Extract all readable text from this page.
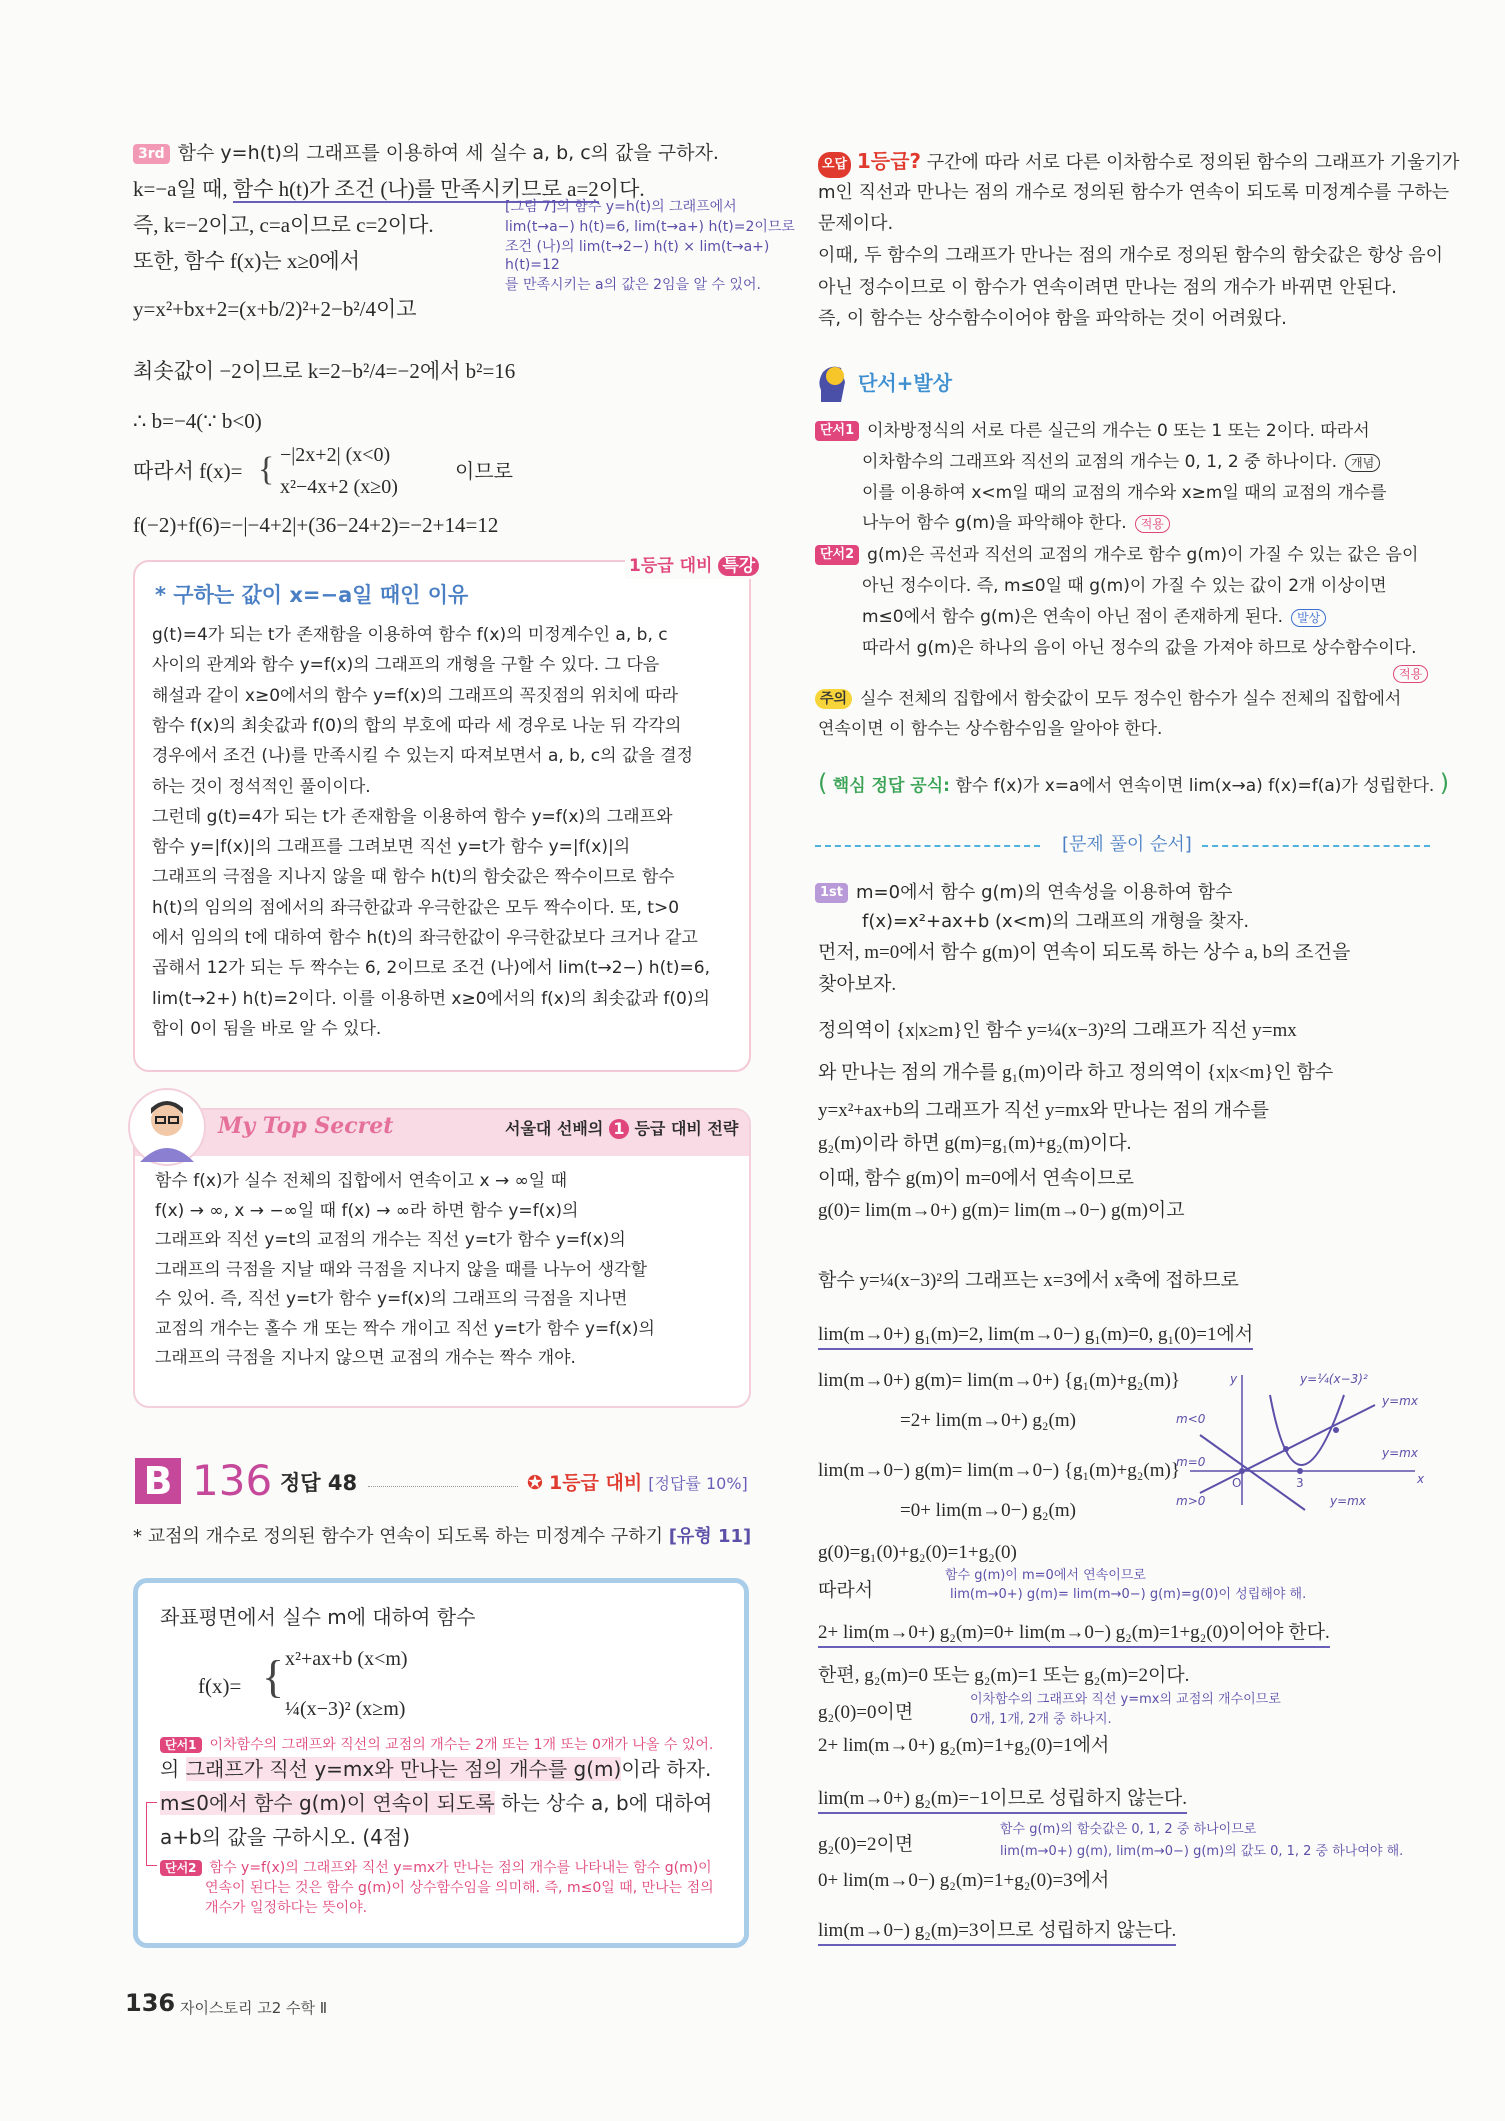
3rd 함수 y=h(t)의 그래프를 이용하여 세 실수 a, b, c의 값을 구하자.
k=−a일 때, 함수 h(t)가 조건 (나)를 만족시키므로 a=2이다.
즉, k=−2이고, c=a이므로 c=2이다.
또한, 함수 f(x)는 x≥0에서
y=x²+bx+2=(x+b/2)²+2−b²/4이고
[그림 7]의 함수 y=h(t)의 그래프에서
lim(t→a−) h(t)=6, lim(t→a+) h(t)=2이므로
조건 (나)의 lim(t→2−) h(t) × lim(t→a+) h(t)=12
를 만족시키는 a의 값은 2임을 알 수 있어.
최솟값이 −2이므로 k=2−b²/4=−2에서 b²=16
∴ b=−4(∵ b<0)
따라서 f(x)= { −|2x+2| (x<0)
x²−4x+2 (x≥0)
이므로
f(−2)+f(6)=−|−4+2|+(36−24+2)=−2+14=12
1등급 대비 특강
* 구하는 값이 x=−a일 때인 이유
My Top Secret	서울대 선배의 1 등급 대비 전략
B 136 정답 48	✪ 1등급 대비 [정답률 10%]
* 교점의 개수로 정의된 함수가 연속이 되도록 하는 미정계수 구하기 [유형 11]
좌표평면에서 실수 m에 대하여 함수
f(x)= { x²+ax+b (x<m)
¼(x−3)² (x≥m)
단서1 이차함수의 그래프와 직선의 교점의 개수는 2개 또는 1개 또는 0개가 나올 수 있어.
의 그래프가 직선 y=mx와 만나는 점의 개수를 g(m)이라 하자.
m≤0에서 함수 g(m)이 연속이 되도록 하는 상수 a, b에 대하여
a+b의 값을 구하시오. (4점)
단서2 함수 y=f(x)의 그래프와 직선 y=mx가 만나는 점의 개수를 나타내는 함수 g(m)이
연속이 된다는 것은 함수 g(m)이 상수함수임을 의미해. 즉, m≤0일 때, 만나는 점의
개수가 일정하다는 뜻이야.
136 자이스토리 고2 수학 Ⅱ
오답 1등급? 구간에 따라 서로 다른 이차함수로 정의된 함수의 그래프가 기울기가
m인 직선과 만나는 점의 개수로 정의된 함수가 연속이 되도록 미정계수를 구하는
문제이다.
이때, 두 함수의 그래프가 만나는 점의 개수로 정의된 함수의 함숫값은 항상 음이
아닌 정수이므로 이 함수가 연속이려면 만나는 점의 개수가 바뀌면 안된다.
즉, 이 함수는 상수함수이어야 함을 파악하는 것이 어려웠다.
단서+발상
단서1 이차방정식의 서로 다른 실근의 개수는 0 또는 1 또는 2이다. 따라서
이차함수의 그래프와 직선의 교점의 개수는 0, 1, 2 중 하나이다. 개념
이를 이용하여 x<m일 때의 교점의 개수와 x≥m일 때의 교점의 개수를
나누어 함수 g(m)을 파악해야 한다. 적용
단서2 g(m)은 곡선과 직선의 교점의 개수로 함수 g(m)이 가질 수 있는 값은 음이
아닌 정수이다. 즉, m≤0일 때 g(m)이 가질 수 있는 값이 2개 이상이면
m≤0에서 함수 g(m)은 연속이 아닌 점이 존재하게 된다. 발상
따라서 g(m)은 하나의 음이 아닌 정수의 값을 가져야 하므로 상수함수이다.
적용
주의 실수 전체의 집합에서 함숫값이 모두 정수인 함수가 실수 전체의 집합에서
연속이면 이 함수는 상수함수임을 알아야 한다.
( 핵심 정답 공식: 함수 f(x)가 x=a에서 연속이면 lim(x→a) f(x)=f(a)가 성립한다. )
[문제 풀이 순서]
1st m=0에서 함수 g(m)의 연속성을 이용하여 함수
f(x)=x²+ax+b (x<m)의 그래프의 개형을 찾자.
함수 g(m)이 m=0에서 연속이므로
lim(m→0+) g(m)= lim(m→0−) g(m)=g(0)이 성립해야 해.
이차함수의 그래프와 직선 y=mx의 교점의 개수이므로
0개, 1개, 2개 중 하나지.
함수 g(m)의 함숫값은 0, 1, 2 중 하나이므로
lim(m→0+) g(m), lim(m→0−) g(m)의 값도 0, 1, 2 중 하나여야 해.
y
x
O	3
y=¼(x−3)²
y=mx
y=mx
y=mx
m<0
m=0
m>0
g(t)=4가 되는 t가 존재함을 이용하여 함수 f(x)의 미정계수인 a, b, c
사이의 관계와 함수 y=f(x)의 그래프의 개형을 구할 수 있다. 그 다음
해설과 같이 x≥0에서의 함수 y=f(x)의 그래프의 꼭짓점의 위치에 따라
함수 f(x)의 최솟값과 f(0)의 합의 부호에 따라 세 경우로 나눈 뒤 각각의
경우에서 조건 (나)를 만족시킬 수 있는지 따져보면서 a, b, c의 값을 결정
하는 것이 정석적인 풀이이다.
그런데 g(t)=4가 되는 t가 존재함을 이용하여 함수 y=f(x)의 그래프와
함수 y=|f(x)|의 그래프를 그려보면 직선 y=t가 함수 y=|f(x)|의
그래프의 극점을 지나지 않을 때 함수 h(t)의 함숫값은 짝수이므로 함수
h(t)의 임의의 점에서의 좌극한값과 우극한값은 모두 짝수이다. 또, t>0
에서 임의의 t에 대하여 함수 h(t)의 좌극한값이 우극한값보다 크거나 같고
곱해서 12가 되는 두 짝수는 6, 2이므로 조건 (나)에서 lim(t→2−) h(t)=6,
lim(t→2+) h(t)=2이다. 이를 이용하면 x≥0에서의 f(x)의 최솟값과 f(0)의
합이 0이 됨을 바로 알 수 있다.
함수 f(x)가 실수 전체의 집합에서 연속이고 x → ∞일 때
f(x) → ∞, x → −∞일 때 f(x) → ∞라 하면 함수 y=f(x)의
그래프와 직선 y=t의 교점의 개수는 직선 y=t가 함수 y=f(x)의
그래프의 극점을 지날 때와 극점을 지나지 않을 때를 나누어 생각할
수 있어. 즉, 직선 y=t가 함수 y=f(x)의 그래프의 극점을 지나면
교점의 개수는 홀수 개 또는 짝수 개이고 직선 y=t가 함수 y=f(x)의
그래프의 극점을 지나지 않으면 교점의 개수는 짝수 개야.
먼저, m=0에서 함수 g(m)이 연속이 되도록 하는 상수 a, b의 조건을
찾아보자.
정의역이 {x|x≥m}인 함수 y=¼(x−3)²의 그래프가 직선 y=mx
와 만나는 점의 개수를 g₁(m)이라 하고 정의역이 {x|x<m}인 함수
y=x²+ax+b의 그래프가 직선 y=mx와 만나는 점의 개수를
g₂(m)이라 하면 g(m)=g₁(m)+g₂(m)이다.
이때, 함수 g(m)이 m=0에서 연속이므로
g(0)= lim(m→0+) g(m)= lim(m→0−) g(m)이고
함수 y=¼(x−3)²의 그래프는 x=3에서 x축에 접하므로
lim(m→0+) g₁(m)=2, lim(m→0−) g₁(m)=0, g₁(0)=1에서
lim(m→0+) g(m)= lim(m→0+) {g₁(m)+g₂(m)}
=2+ lim(m→0+) g₂(m)
lim(m→0−) g(m)= lim(m→0−) {g₁(m)+g₂(m)}
=0+ lim(m→0−) g₂(m)
g(0)=g₁(0)+g₂(0)=1+g₂(0)
따라서
2+ lim(m→0+) g₂(m)=0+ lim(m→0−) g₂(m)=1+g₂(0)이어야 한다.
한편, g₂(m)=0 또는 g₂(m)=1 또는 g₂(m)=2이다.
g₂(0)=0이면
2+ lim(m→0+) g₂(m)=1+g₂(0)=1에서
lim(m→0+) g₂(m)=−1이므로 성립하지 않는다.
g₂(0)=2이면
0+ lim(m→0−) g₂(m)=1+g₂(0)=3에서
lim(m→0−) g₂(m)=3이므로 성립하지 않는다.
